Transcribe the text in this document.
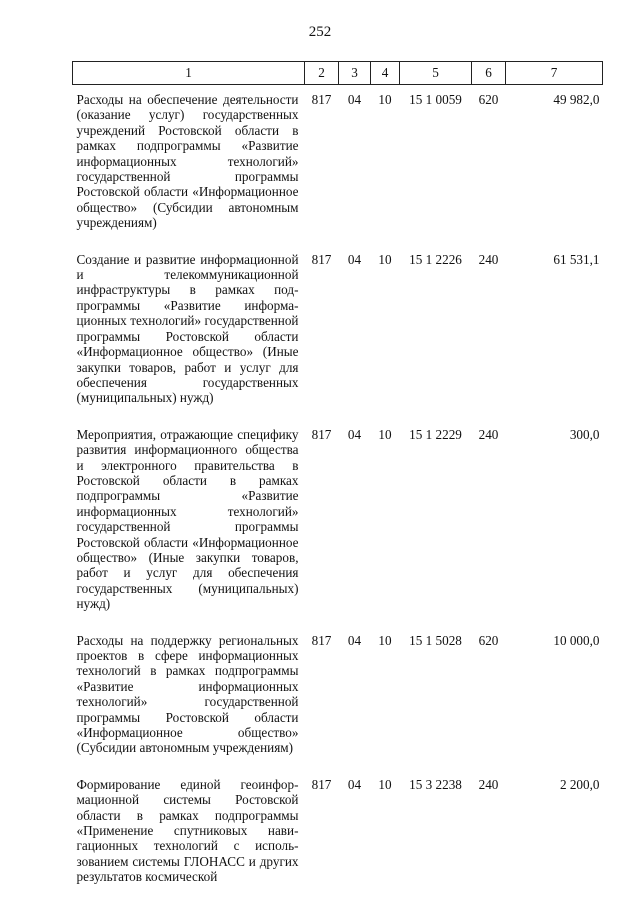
252
1	2	3	4	5	6	7
Расходы на обеспечение деятельности (оказание услуг) государственных учреждений Ростовской области в рамках подпрограммы «Развитие информационных технологий» государственной программы Ростовской области «Информационное общество» (Субсидии автономным учреждениям)	817	04	10	15 1 0059	620	49 982,0
Создание и развитие информационной и телекоммуникационной инфраструктуры в рамках подпрограммы «Развитие информационных технологий» государственной программы Ростовской области «Информационное общество» (Иные закупки товаров, работ и услуг для обеспечения государственных (муниципальных) нужд)	817	04	10	15 1 2226	240	61 531,1
Мероприятия, отражающие специфику развития информационного общества и электронного правительства в Ростовской области в рамках подпрограммы «Развитие информационных технологий» государственной программы Ростовской области «Информационное общество» (Иные закупки товаров, работ и услуг для обеспечения государственных (муниципальных) нужд)	817	04	10	15 1 2229	240	300,0
Расходы на поддержку региональных проектов в сфере информационных технологий в рамках подпрограммы «Развитие информационных технологий» государственной программы Ростовской области «Информационное общество» (Субсидии автономным учреждениям)	817	04	10	15 1 5028	620	10 000,0
Формирование единой геоинформационной системы Ростовской области в рамках подпрограммы «Применение спутниковых навигационных технологий с использованием системы ГЛОНАСС и других результатов космической	817	04	10	15 3 2238	240	2 200,0
